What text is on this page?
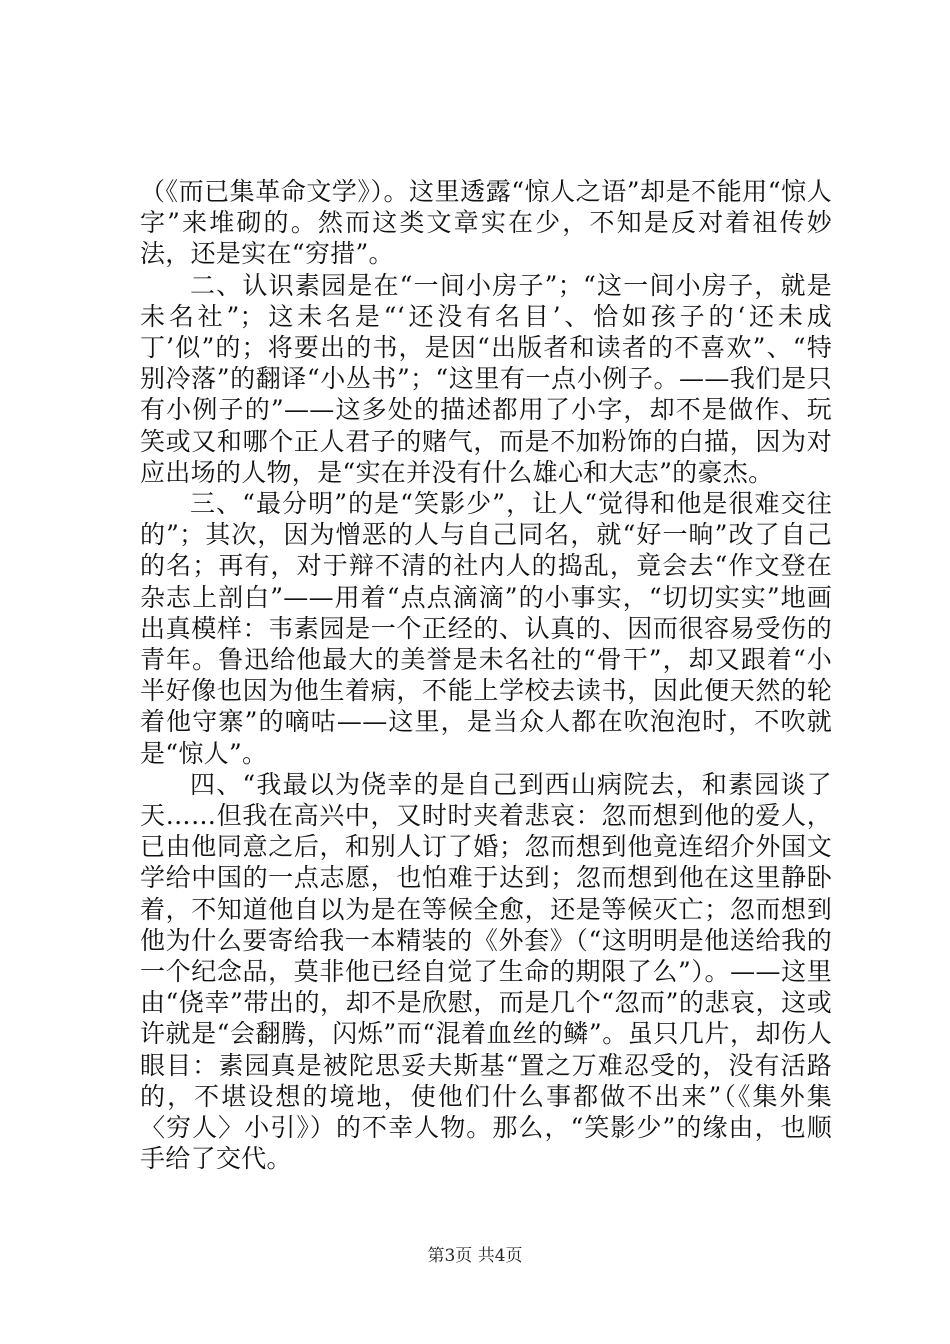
（《而已集革命文学》）。这里透露“惊人之语”却是不能用“惊人字”来堆砌的。然而这类文章实在少，不知是反对着祖传妙法，还是实在“穷措”。

二、认识素园是在“一间小房子”；“这一间小房子，就是未名社”；这未名是“‘还没有名目’、恰如孩子的‘还未成丁’似”的；将要出的书，是因“出版者和读者的不喜欢”、“特别冷落”的翻译“小丛书”；“这里有一点小例子。——我们是只有小例子的”——这多处的描述都用了小字，却不是做作、玩笑或又和哪个正人君子的赌气，而是不加粉饰的白描，因为对应出场的人物，是“实在并没有什么雄心和大志”的豪杰。

三、“最分明”的是“笑影少”，让人“觉得和他是很难交往的”；其次，因为憎恶的人与自己同名，就“好一晌”改了自己的名；再有，对于辩不清的社内人的捣乱，竟会去“作文登在杂志上剖白”——用着“点点滴滴”的小事实，“切切实实”地画出真模样：韦素园是一个正经的、认真的、因而很容易受伤的青年。鲁迅给他最大的美誉是未名社的“骨干”，却又跟着“小半好像也因为他生着病，不能上学校去读书，因此便天然的轮着他守寨”的嘀咕——这里，是当众人都在吹泡泡时，不吹就是“惊人”。

四、“我最以为侥幸的是自己到西山病院去，和素园谈了天……但我在高兴中，又时时夹着悲哀：忽而想到他的爱人，已由他同意之后，和别人订了婚；忽而想到他竟连绍介外国文学给中国的一点志愿，也怕难于达到；忽而想到他在这里静卧着，不知道他自以为是在等候全愈，还是等候灭亡；忽而想到他为什么要寄给我一本精装的《外套》（“这明明是他送给我的一个纪念品，莫非他已经自觉了生命的期限了么”）。——这里由“侥幸”带出的，却不是欣慰，而是几个“忽而”的悲哀，这或许就是“会翻腾，闪烁”而“混着血丝的鳞”。虽只几片，却伤人眼目：素园真是被陀思妥夫斯基“置之万难忍受的，没有活路的，不堪设想的境地，使他们什么事都做不出来”（《集外集〈穷人〉小引》）的不幸人物。那么，“笑影少”的缘由，也顺手给了交代。

第3页 共4页
